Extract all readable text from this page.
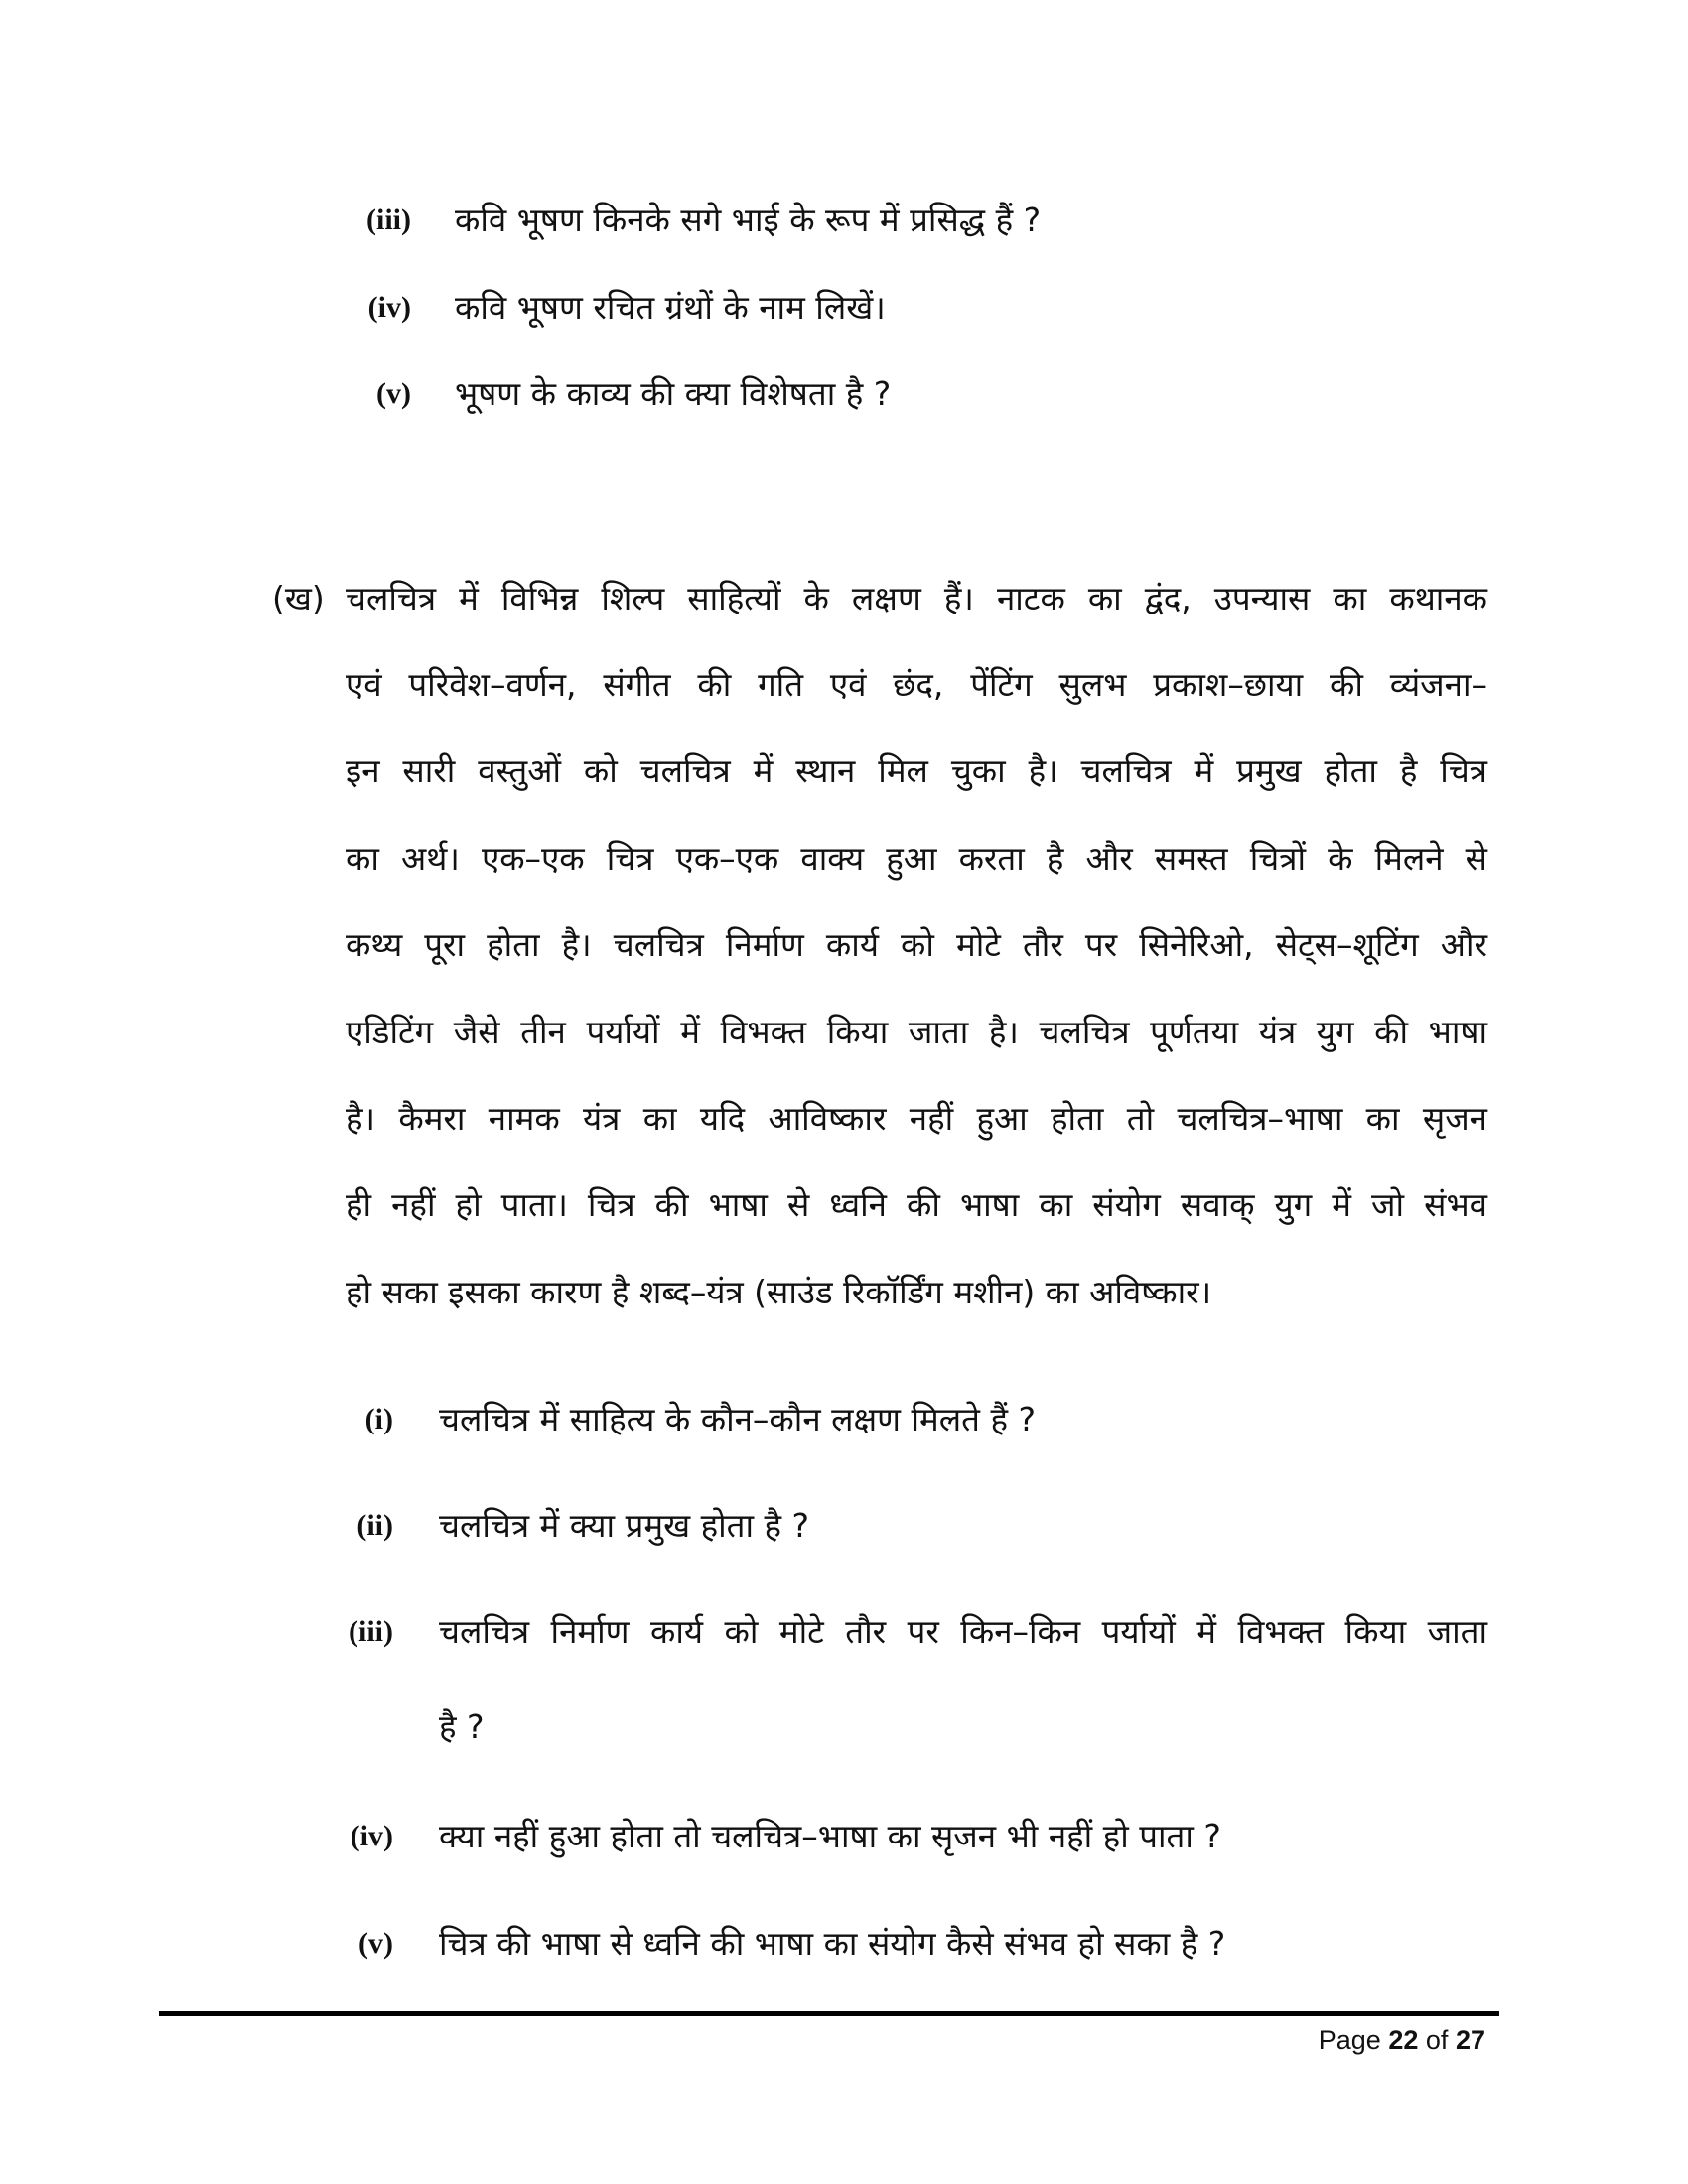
(iii) कवि भूषण किनके सगे भाई के रूप में प्रसिद्ध हैं ?
(iv) कवि भूषण रचित ग्रंथों के नाम लिखें।
(v) भूषण के काव्य की क्या विशेषता है ?
(ख) चलचित्र में विभिन्न शिल्प साहित्यों के लक्षण हैं। नाटक का द्वंद, उपन्यास का कथानक
एवं परिवेश–वर्णन, संगीत की गति एवं छंद, पेंटिंग सुलभ प्रकाश–छाया की व्यंजना–
इन सारी वस्तुओं को चलचित्र में स्थान मिल चुका है। चलचित्र में प्रमुख होता है चित्र
का अर्थ। एक–एक चित्र एक–एक वाक्य हुआ करता है और समस्त चित्रों के मिलने से
कथ्य पूरा होता है। चलचित्र निर्माण कार्य को मोटे तौर पर सिनेरिओ, सेट्स–शूटिंग और
एडिटिंग जैसे तीन पर्यायों में विभक्त किया जाता है। चलचित्र पूर्णतया यंत्र युग की भाषा
है। कैमरा नामक यंत्र का यदि आविष्कार नहीं हुआ होता तो चलचित्र–भाषा का सृजन
ही नहीं हो पाता। चित्र की भाषा से ध्वनि की भाषा का संयोग सवाक् युग में जो संभव
हो सका इसका कारण है शब्द–यंत्र (साउंड रिकॉर्डिंग मशीन) का अविष्कार।
(i) चलचित्र में साहित्य के कौन–कौन लक्षण मिलते हैं ?
(ii) चलचित्र में क्या प्रमुख होता है ?
(iii) चलचित्र निर्माण कार्य को मोटे तौर पर किन–किन पर्यायों में विभक्त किया जाता
है ?
(iv) क्या नहीं हुआ होता तो चलचित्र–भाषा का सृजन भी नहीं हो पाता ?
(v) चित्र की भाषा से ध्वनि की भाषा का संयोग कैसे संभव हो सका है ?
Page 22 of 27
